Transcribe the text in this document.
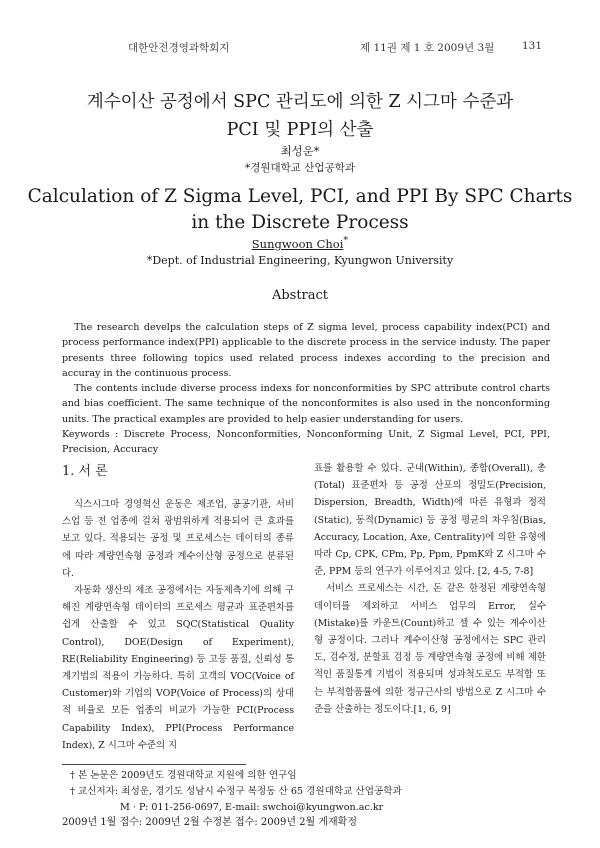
대한안전경영과학회지	제 11권 제 1 호 2009년 3월	131
계수이산 공정에서 SPC 관리도에 의한 Z 시그마 수준과
PCI 및 PPI의 산출
최성운*
*경원대학교 산업공학과
Calculation of Z Sigma Level, PCI, and PPI By SPC Charts
in the Discrete Process
Sungwoon Choi*
*Dept. of Industrial Engineering, Kyungwon University
Abstract

The research develps the calculation steps of Z sigma level, process capability index(PCI) and process performance index(PPI) applicable to the discrete process in the service industy. The paper presents three following topics used related process indexes according to the precision and accuray in the continuous process.

The contents include diverse process indexs for nonconformities by SPC attribute control charts and bias coefficient. The same technique of the nonconformites is also used in the nonconforming units. The practical examples are provided to help easier understanding for users.

Keywords : Discrete Process, Nonconformities, Nonconforming Unit, Z Sigmal Level, PCI, PPI, Precision, Accuracy

1. 서 론

식스시그마 경영혁신 운동은 제조업, 공공기관, 서비스업 등 전 업종에 걸쳐 광범위하게 적용되어 큰 효과를 보고 있다. 적용되는 공정 및 프로세스는 데이터의 종류에 따라 계량연속형 공정과 계수이산형 공정으로 분류된다.

자동화 생산의 제조 공정에서는 자동제측기에 의해 구해진 계량연속형 데이터의 프로세스 평균과 표준편차를 쉽게 산출할 수 있고 SQC(Statistical Quality Control), DOE(Design of Experiment), RE(Reliability Engineering) 등 고등 품질, 신뢰성 통계기법의 적용이 가능하다. 특히 고객의 VOC(Voice of Customer)와 기업의 VOP(Voice of Process)의 상대적 비율로 모든 업종의 비교가 가능한 PCI(Process Capability Index), PPI(Process Performance Index), Z 시그마 수준의 지

표를 활용할 수 있다. 군내(Within), 종합(Overall), 총(Total) 표준편차 등 공정 산포의 정밀도(Precision, Dispersion, Breadth, Width)에 따른 유형과 정적(Static), 동적(Dynamic) 등 공정 평균의 차우침(Bias, Accuracy, Location, Axe, Centrality)에 의한 유형에 따라 Cp, CPK, CPm, Pp, Ppm, PpmK와 Z 시그마 수준, PPM 등의 연구가 이루어지고 있다. [2, 4-5, 7-8]

서비스 프로세스는 시간, 돈 같은 한정된 계량연속형 데이터를 제외하고 서비스 업무의 Error, 실수(Mistake)를 카운트(Count)하고 셀 수 있는 계수이산형 공정이다. 그러나 계수이산형 공정에서는 SPC 관리도, 검수정, 분할표 검정 등 계량연속형 공정에 비해 제한적인 품질통계 기법이 적용되며 성과척도로도 부적합 또는 부적합품률에 의한 정규근사의 방법으로 Z 시그마 수준을 산출하는 정도이다.[1, 6, 9]

† 본 논문은 2009년도 경원대학교 지원에 의한 연구임
† 교신저자: 최성운, 경기도 성남시 수정구 복정동 산 65 경원대학교 산업공학과
M · P: 011-256-0697, E-mail: swchoi@kyungwon.ac.kr
2009년 1월 접수: 2009년 2월 수정본 접수: 2009년 2월 게재확정
